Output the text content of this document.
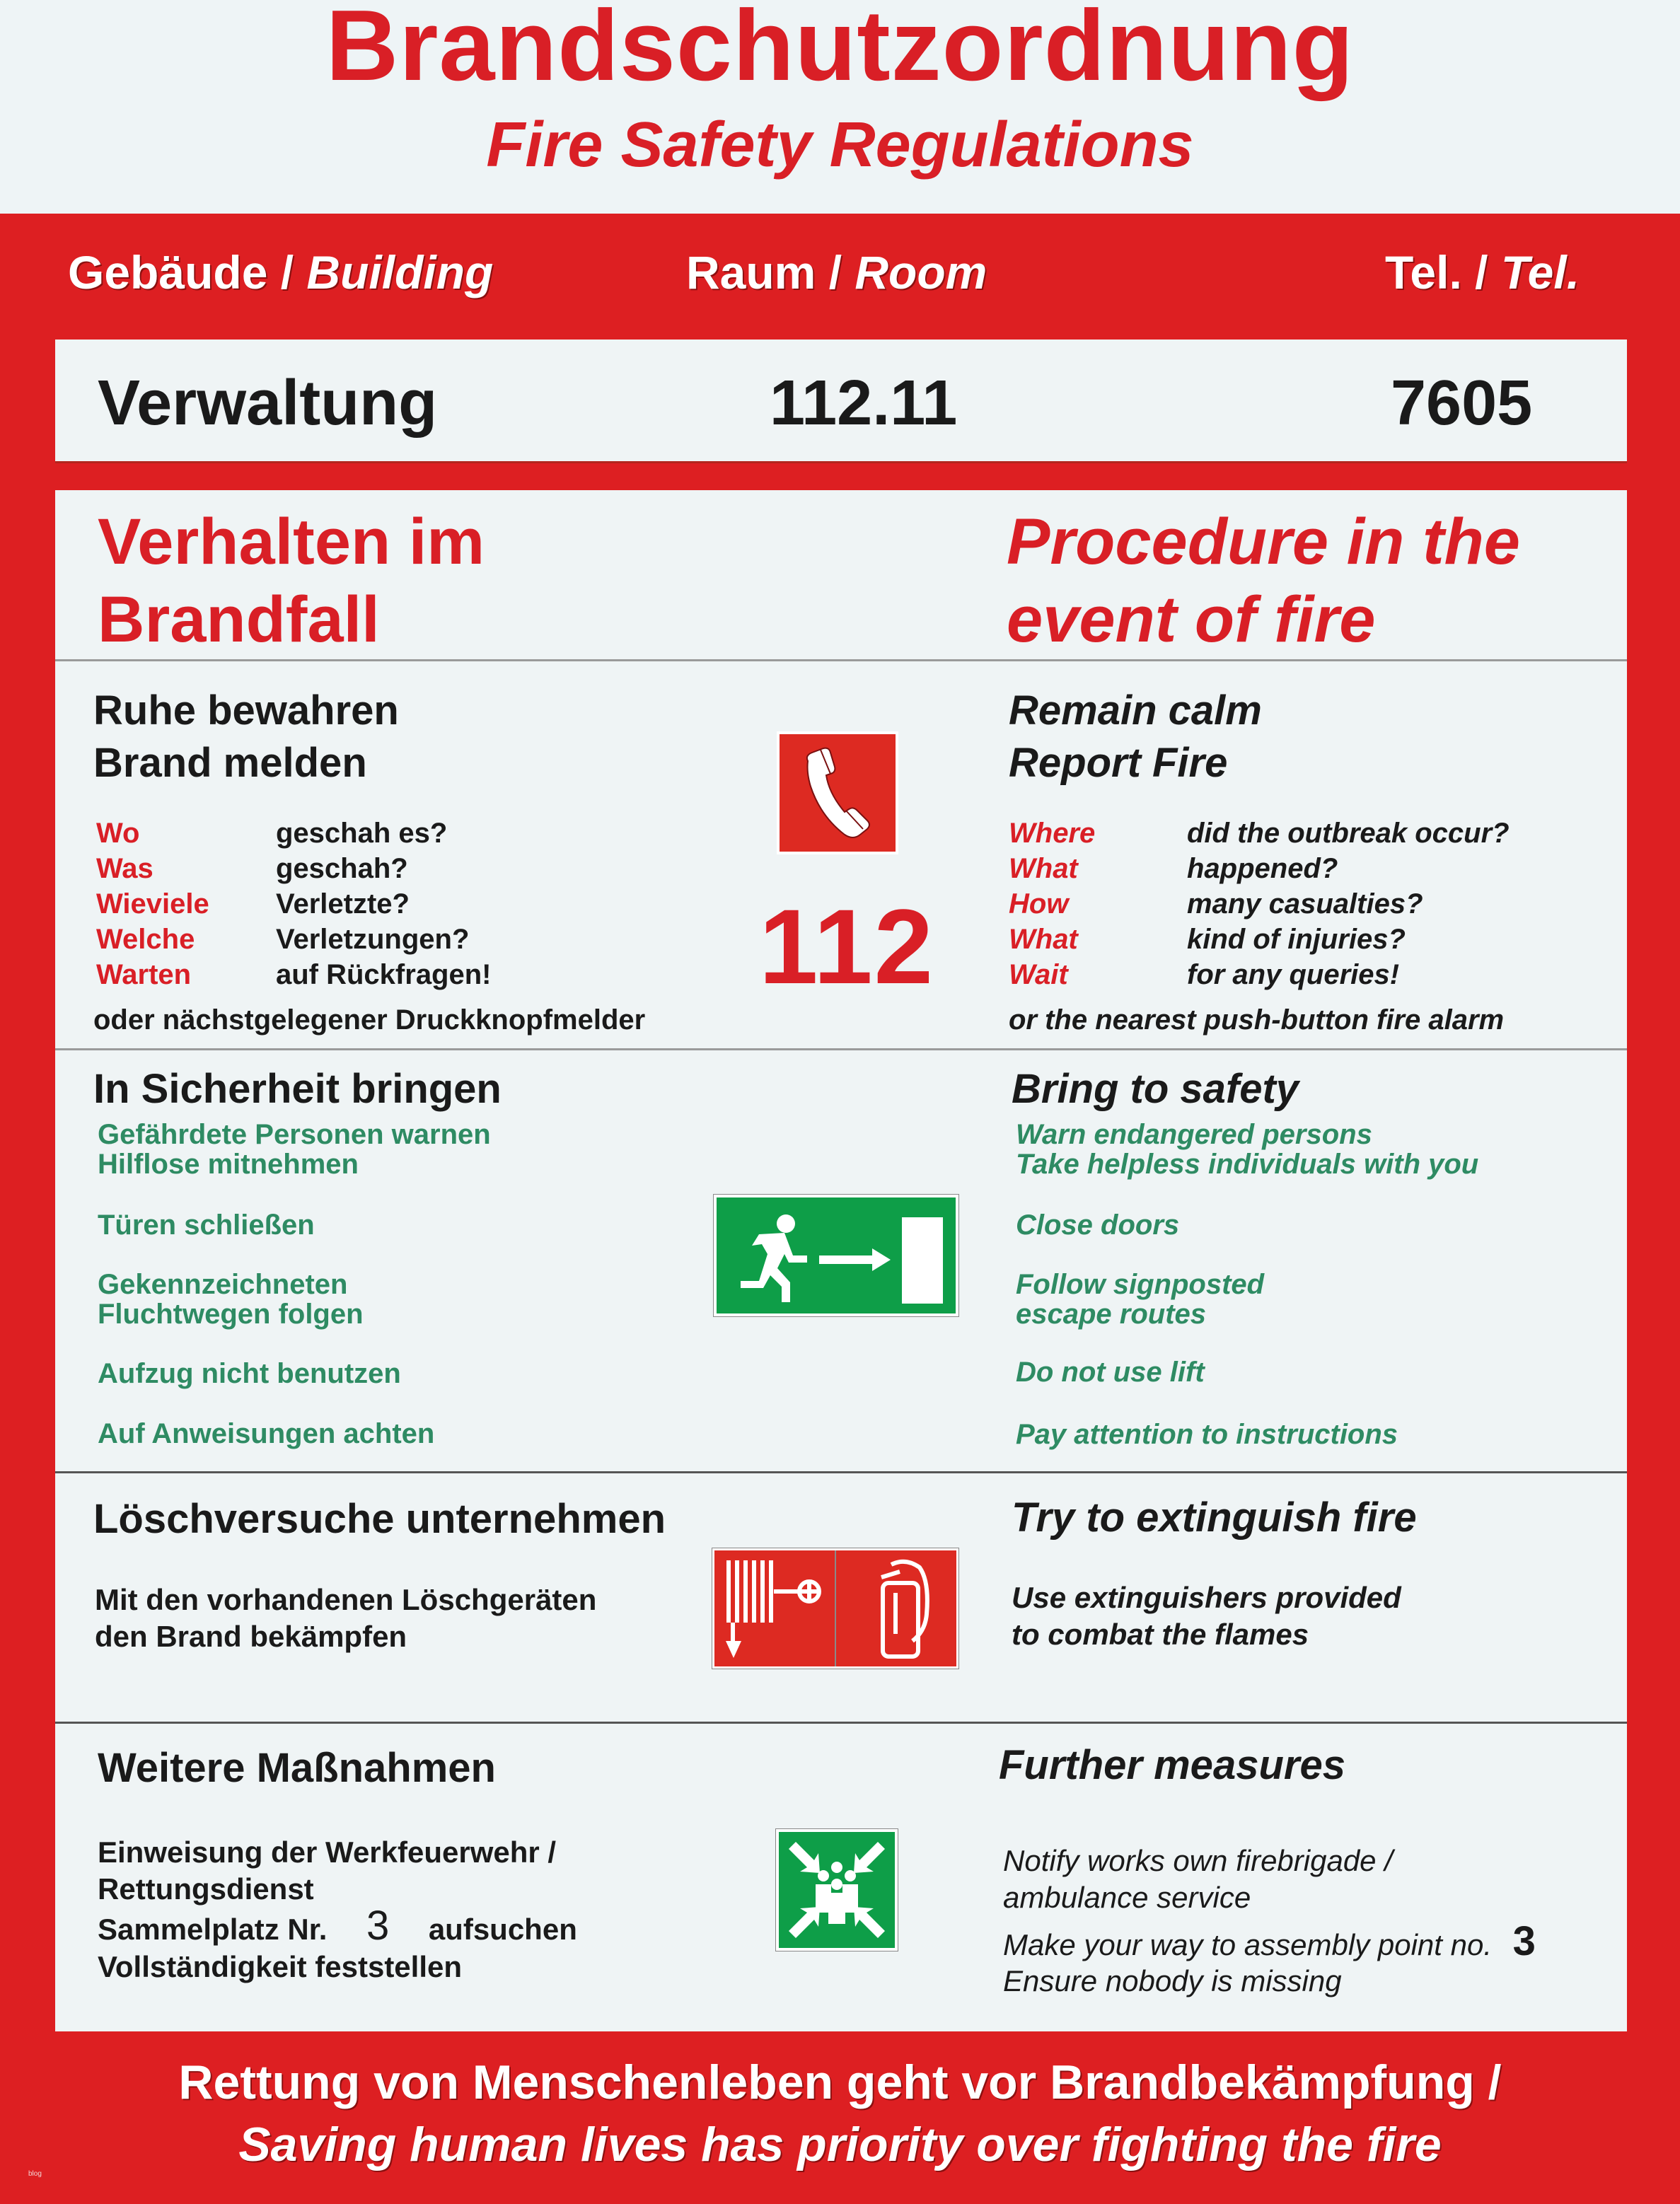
Brandschutzordnung
Fire Safety Regulations
Gebäude / Building	Raum / Room	Tel. / Tel.
Verwaltung	112.11	7605
Verhalten im
Brandfall
Procedure in the
event of fire
Ruhe bewahren
Brand melden
Remain calm
Report Fire
Wo	geschah es?
Was	geschah?
Wieviele Verletzte?
Welche	Verletzungen?
Warten	auf Rückfragen!
oder nächstgelegener Druckknopfmelder
112
Where	did the outbreak occur?
What	happened?
How	many casualties?
What	kind of injuries?
Wait	for any queries!
or the nearest push-button fire alarm
In Sicherheit bringen	Bring to safety
Gefährdete Personen warnen
Hilflose mitnehmen
Türen schließen
Gekennzeichneten
Fluchtwegen folgen
Aufzug nicht benutzen
Auf Anweisungen achten
Warn endangered persons
Take helpless individuals with you
Close doors
Follow signposted
escape routes
Do not use lift
Pay attention to instructions
Löschversuche unternehmen	Try to extinguish fire
Mit den vorhandenen Löschgeräten
den Brand bekämpfen
Use extinguishers provided
to combat the flames
Weitere Maßnahmen	Further measures
Einweisung der Werkfeuerwehr /
Rettungsdienst
Sammelplatz Nr. 3 aufsuchen
Vollständigkeit feststellen
Notify works own firebrigade /
ambulance service
Make your way to assembly point no. 3
Ensure nobody is missing
Rettung von Menschenleben geht vor Brandbekämpfung /
Saving human lives has priority over fighting the fire
blog
